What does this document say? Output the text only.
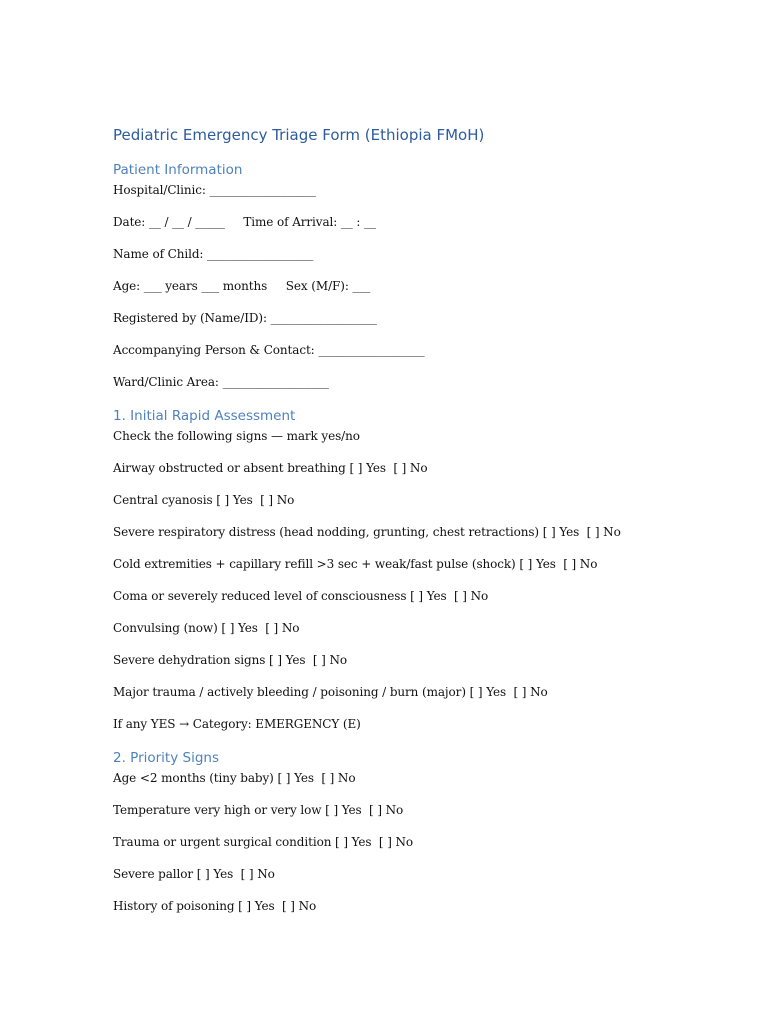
Pediatric Emergency Triage Form (Ethiopia FMoH)
Patient Information
Hospital/Clinic: __________________
Date: __ / __ / _____     Time of Arrival: __ : __
Name of Child: __________________
Age: ___ years ___ months     Sex (M/F): ___
Registered by (Name/ID): __________________
Accompanying Person & Contact: __________________
Ward/Clinic Area: __________________
1. Initial Rapid Assessment
Check the following signs — mark yes/no
Airway obstructed or absent breathing [ ] Yes  [ ] No
Central cyanosis [ ] Yes  [ ] No
Severe respiratory distress (head nodding, grunting, chest retractions) [ ] Yes  [ ] No
Cold extremities + capillary refill >3 sec + weak/fast pulse (shock) [ ] Yes  [ ] No
Coma or severely reduced level of consciousness [ ] Yes  [ ] No
Convulsing (now) [ ] Yes  [ ] No
Severe dehydration signs [ ] Yes  [ ] No
Major trauma / actively bleeding / poisoning / burn (major) [ ] Yes  [ ] No
If any YES → Category: EMERGENCY (E)
2. Priority Signs
Age <2 months (tiny baby) [ ] Yes  [ ] No
Temperature very high or very low [ ] Yes  [ ] No
Trauma or urgent surgical condition [ ] Yes  [ ] No
Severe pallor [ ] Yes  [ ] No
History of poisoning [ ] Yes  [ ] No
